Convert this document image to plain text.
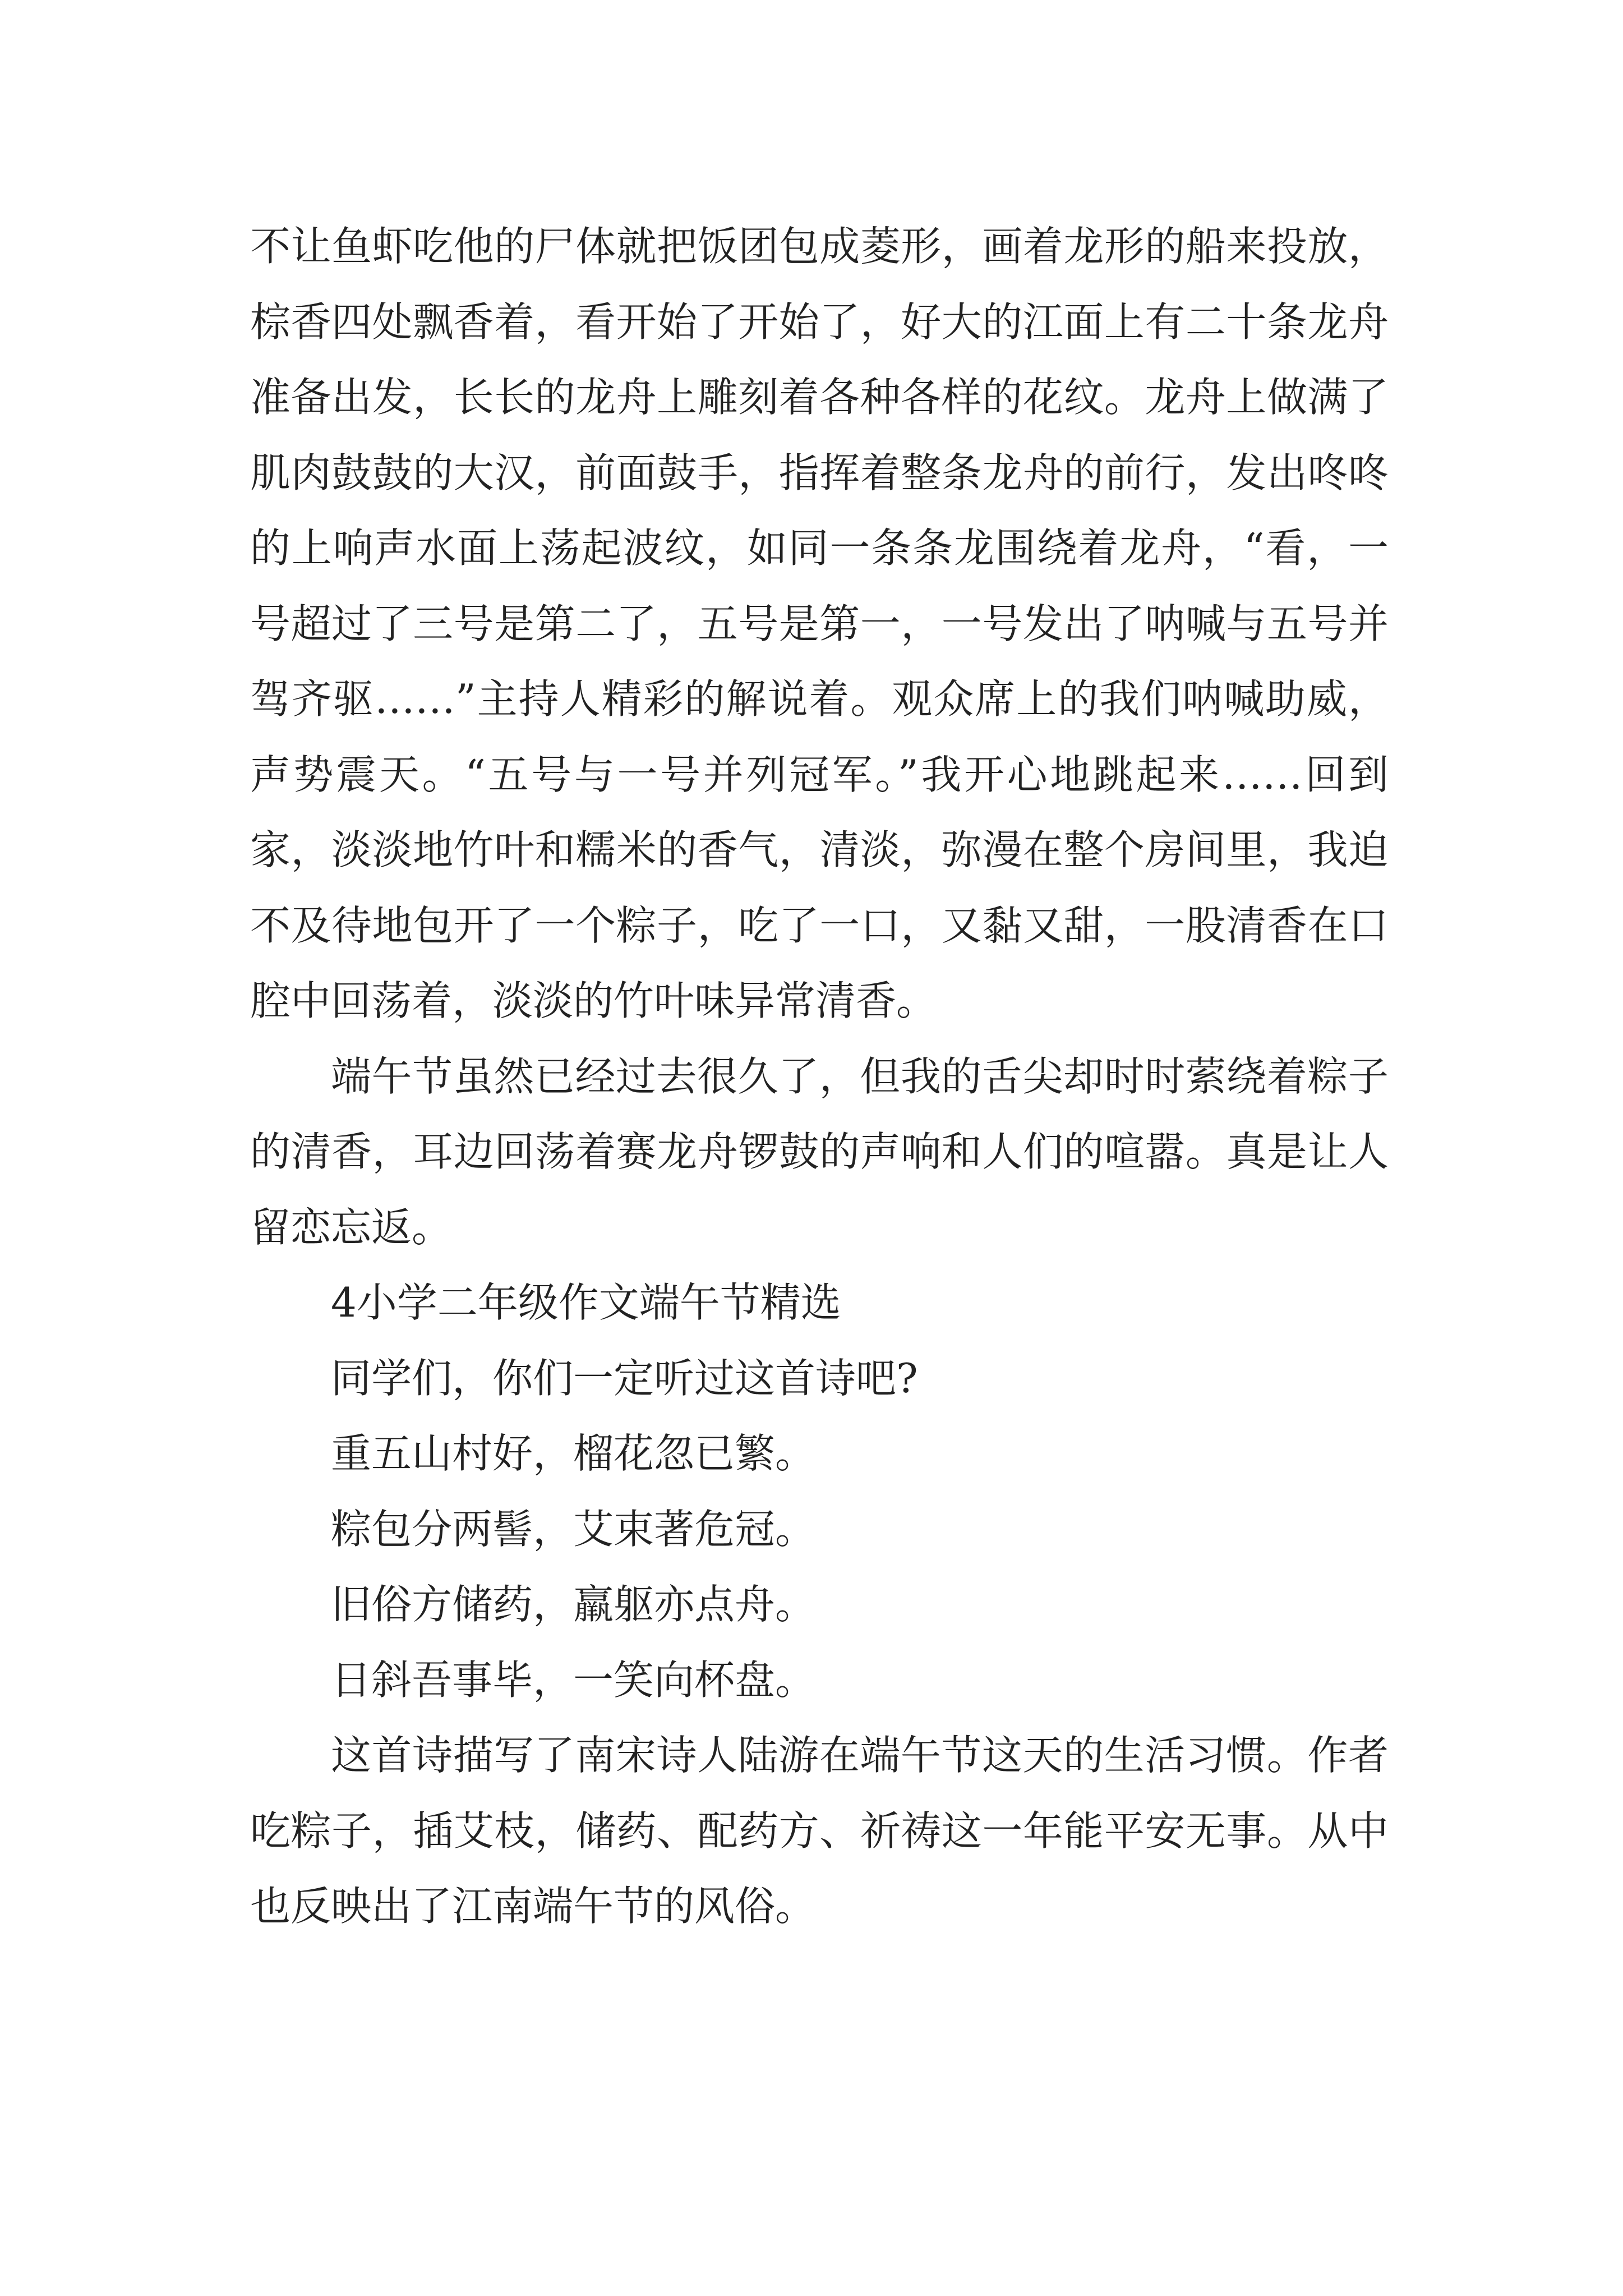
不让鱼虾吃他的尸体就把饭团包成菱形，画着龙形的船来投放，棕香四处飘香着，看开始了开始了，好大的江面上有二十条龙舟准备出发，长长的龙舟上雕刻着各种各样的花纹。龙舟上做满了肌肉鼓鼓的大汉，前面鼓手，指挥着整条龙舟的前行，发出咚咚的上响声水面上荡起波纹，如同一条条龙围绕着龙舟，“看，一号超过了三号是第二了，五号是第一，一号发出了呐喊与五号并驾齐驱……”主持人精彩的解说着。观众席上的我们呐喊助威，声势震天。“五号与一号并列冠军。”我开心地跳起来……回到家，淡淡地竹叶和糯米的香气，清淡，弥漫在整个房间里，我迫不及待地包开了一个粽子，吃了一口，又黏又甜，一股清香在口腔中回荡着，淡淡的竹叶味异常清香。

端午节虽然已经过去很久了，但我的舌尖却时时萦绕着粽子的清香，耳边回荡着赛龙舟锣鼓的声响和人们的喧嚣。真是让人留恋忘返。

4小学二年级作文端午节精选

同学们，你们一定听过这首诗吧?

重五山村好，榴花忽已繁。

粽包分两髻，艾束著危冠。

旧俗方储药，羸躯亦点舟。

日斜吾事毕，一笑向杯盘。

这首诗描写了南宋诗人陆游在端午节这天的生活习惯。作者吃粽子，插艾枝，储药、配药方、祈祷这一年能平安无事。从中也反映出了江南端午节的风俗。
